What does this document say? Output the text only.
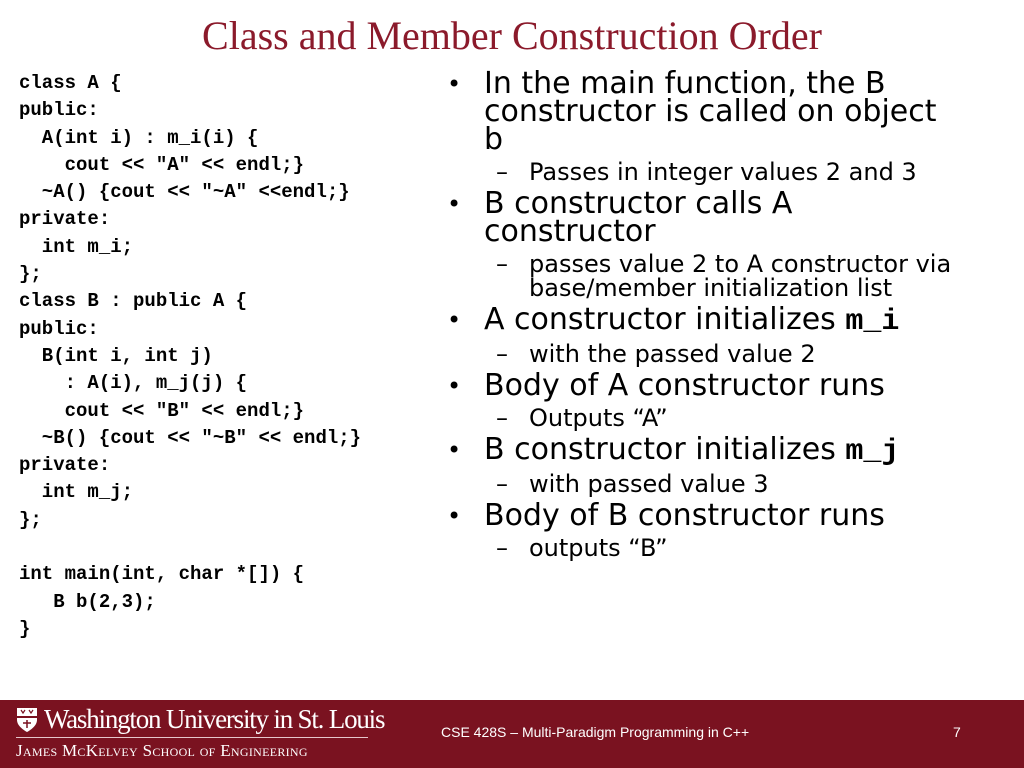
Class and Member Construction Order
class A {
public:
A(int i) : m_i(i) {
cout << "A" << endl;}
~A() {cout << "~A" <<endl;}
private:
int m_i;
};
class B : public A {
public:
B(int i, int j)
: A(i), m_j(j) {
cout << "B" << endl;}
~B() {cout << "~B" << endl;}
private:
int m_j;
};
int main(int, char *[]) {
B b(2,3);
}
• In the main function, the B
constructor is called on object
b
– Passes in integer values 2 and 3
• B constructor calls A
constructor
– passes value 2 to A constructor via
base/member initialization list
• A constructor initializes m_i
– with the passed value 2
• Body of A constructor runs
– Outputs “A”
• B constructor initializes m_j
– with passed value 3
• Body of B constructor runs
– outputs “B”
Washington University in St. Louis
James McKelvey School of Engineering
CSE 428S – Multi-Paradigm Programming in C++	7
